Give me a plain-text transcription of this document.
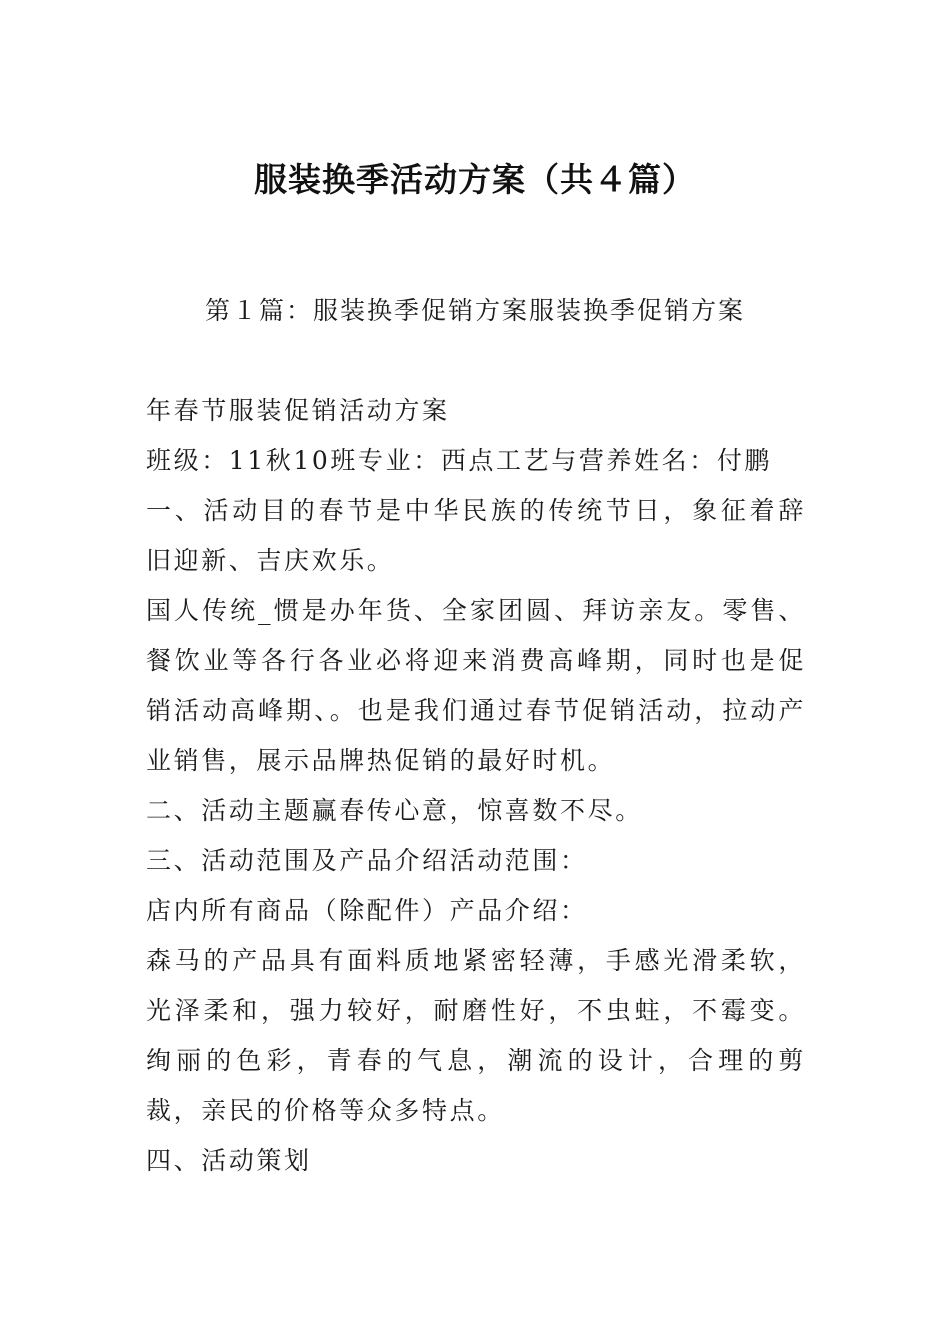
服装换季活动方案（共４篇）
第１篇：服装换季促销方案服装换季促销方案

年春节服装促销活动方案

班级：11秋10班专业：西点工艺与营养姓名：付鹏

一、活动目的春节是中华民族的传统节日，象征着辞旧迎新、吉庆欢乐。

国人传统_惯是办年货、全家团圆、拜访亲友。零售、餐饮业等各行各业必将迎来消费高峰期，同时也是促销活动高峰期、。也是我们通过春节促销活动，拉动产业销售，展示品牌热促销的最好时机。

二、活动主题赢春传心意，惊喜数不尽。

三、活动范围及产品介绍活动范围：

店内所有商品（除配件）产品介绍：

森马的产品具有面料质地紧密轻薄，手感光滑柔软，光泽柔和，强力较好，耐磨性好，不虫蛀，不霉变。绚丽的色彩，青春的气息，潮流的设计，合理的剪裁，亲民的价格等众多特点。

四、活动策划
